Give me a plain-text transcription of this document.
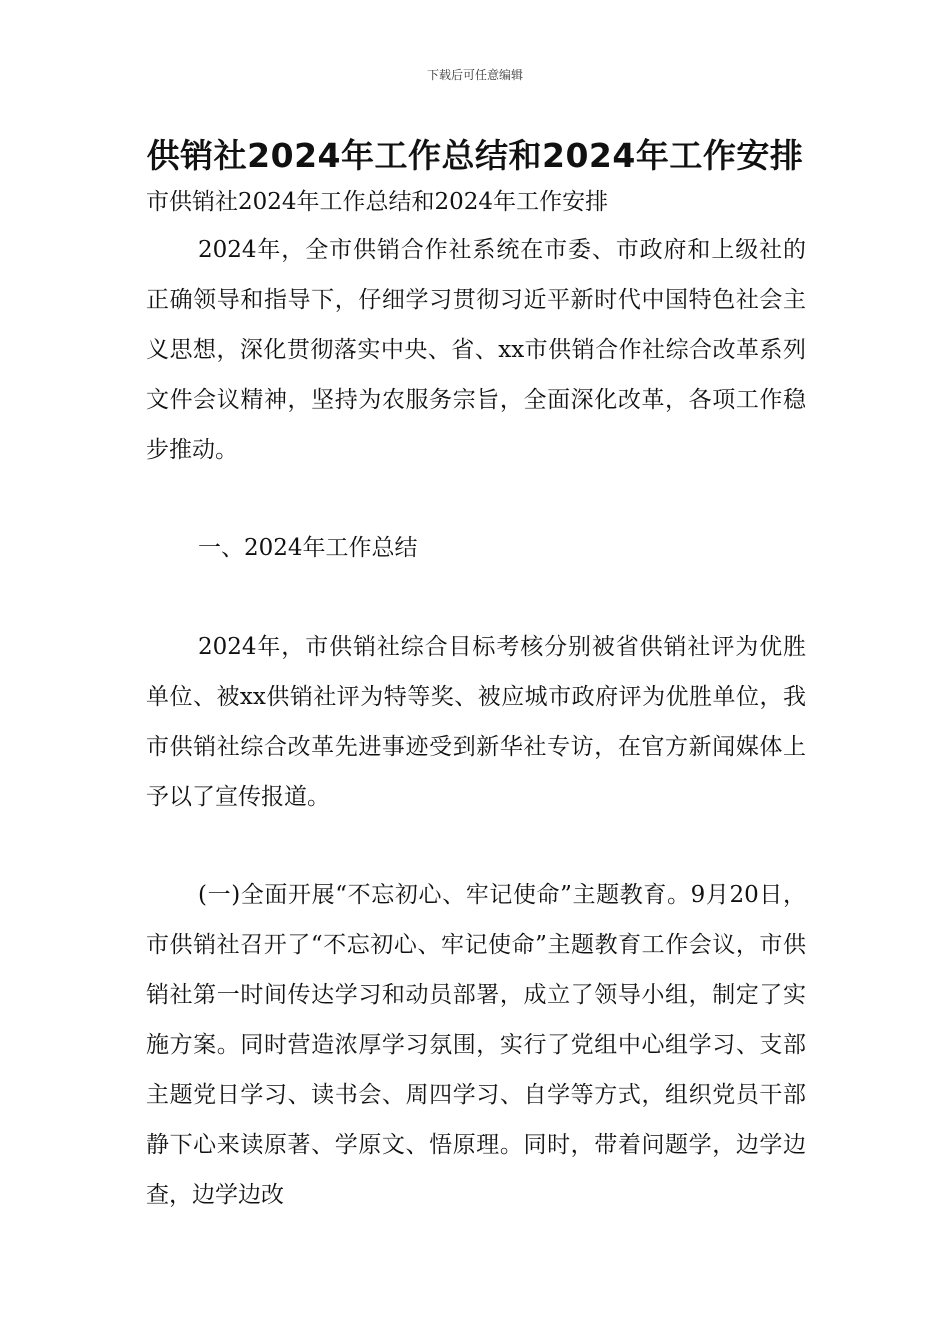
下载后可任意编辑
供销社2024年工作总结和2024年工作安排
市供销社2024年工作总结和2024年工作安排
2024年，全市供销合作社系统在市委、市政府和上级社的正确领导和指导下，仔细学习贯彻习近平新时代中国特色社会主义思想，深化贯彻落实中央、省、xx市供销合作社综合改革系列文件会议精神，坚持为农服务宗旨，全面深化改革，各项工作稳步推动。
一、2024年工作总结
2024年，市供销社综合目标考核分别被省供销社评为优胜单位、被xx供销社评为特等奖、被应城市政府评为优胜单位，我市供销社综合改革先进事迹受到新华社专访，在官方新闻媒体上予以了宣传报道。
(一)全面开展“不忘初心、牢记使命”主题教育。9月20日，市供销社召开了“不忘初心、牢记使命”主题教育工作会议，市供销社第一时间传达学习和动员部署，成立了领导小组，制定了实施方案。同时营造浓厚学习氛围，实行了党组中心组学习、支部主题党日学习、读书会、周四学习、自学等方式，组织党员干部静下心来读原著、学原文、悟原理。同时，带着问题学，边学边查，边学边改
